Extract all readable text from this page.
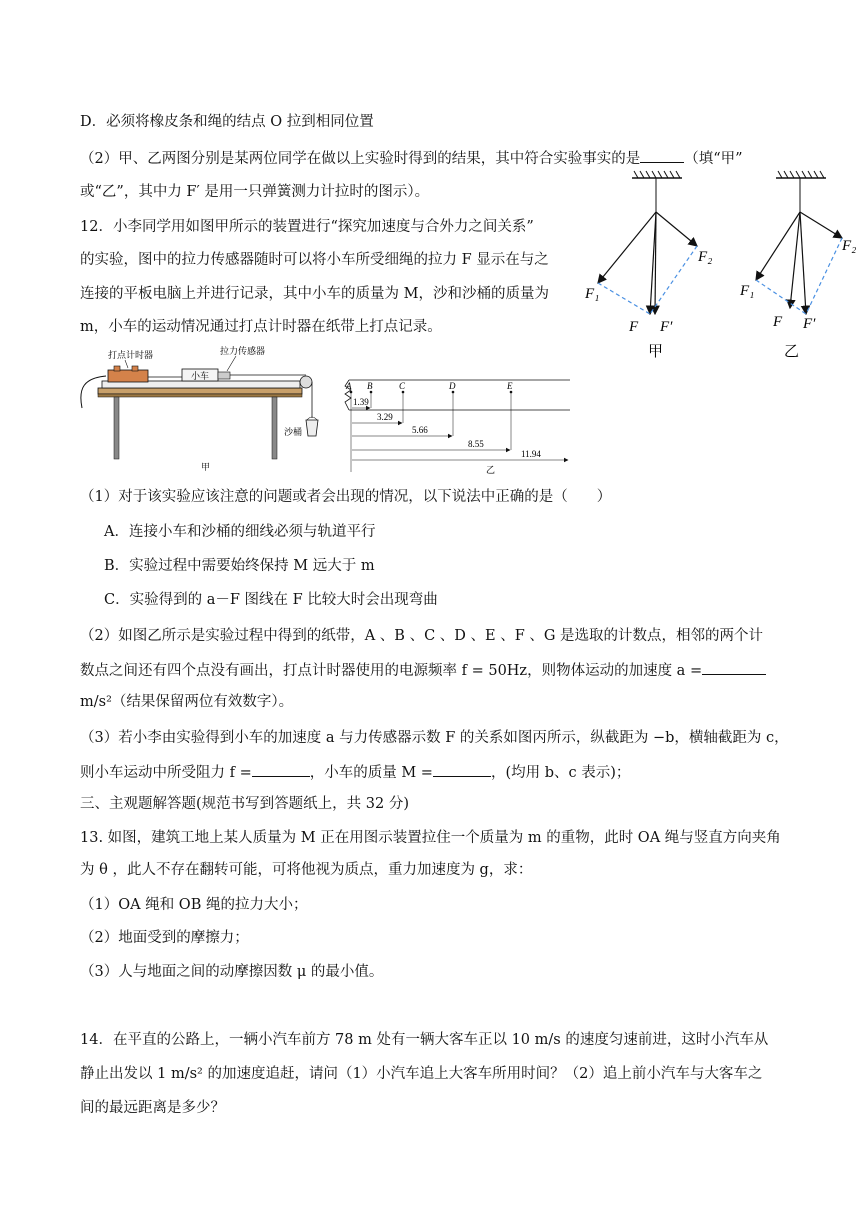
D．必须将橡皮条和绳的结点 O 拉到相同位置
（2）甲、乙两图分别是某两位同学在做以上实验时得到的结果，其中符合实验事实的是	（填“甲”
或“乙”，其中力 F′ 是用一只弹簧测力计拉时的图示）。
12．小李同学用如图甲所示的装置进行“探究加速度与合外力之间关系”
的实验，图中的拉力传感器随时可以将小车所受细绳的拉力 F 显示在与之
连接的平板电脑上并进行记录，其中小车的质量为 M，沙和沙桶的质量为
m，小车的运动情况通过打点计时器在纸带上打点记录。
（1）对于该实验应该注意的问题或者会出现的情况，以下说法中正确的是（　　）
A．连接小车和沙桶的细线必须与轨道平行
B．实验过程中需要始终保持 M 远大于 m
C．实验得到的 a－F 图线在 F 比较大时会出现弯曲
（2）如图乙所示是实验过程中得到的纸带，A 、B 、C 、D 、E 、F 、G 是选取的计数点，相邻的两个计
数点之间还有四个点没有画出，打点计时器使用的电源频率 f = 50Hz，则物体运动的加速度 a =
m/s²（结果保留两位有效数字）。
（3）若小李由实验得到小车的加速度 a 与力传感器示数 F 的关系如图丙所示，纵截距为 −b，横轴截距为 c，
则小车运动中所受阻力 f =	，小车的质量 M =	，(均用 b、c 表示)；
三、主观题解答题(规范书写到答题纸上，共 32 分)
13. 如图，建筑工地上某人质量为 M 正在用图示装置拉住一个质量为 m 的重物，此时 OA 绳与竖直方向夹角
为 θ ，此人不存在翻转可能，可将他视为质点，重力加速度为 g，求：
（1）OA 绳和 OB 绳的拉力大小；
（2）地面受到的摩擦力；
（3）人与地面之间的动摩擦因数 μ 的最小值。
14．在平直的公路上，一辆小汽车前方 78 m 处有一辆大客车正以 10 m/s 的速度匀速前进，这时小汽车从
静止出发以 1 m/s² 的加速度追赶，请问（1）小汽车追上大客车所用时间？（2）追上前小汽车与大客车之
间的最远距离是多少？
F₁
F₂
F F′
甲
F₁
F₂
F F′
乙
打点计时器
小车
拉力传感器
沙桶
甲
A B	C	D	E
1.39
3.29
5.66
8.55
11.94
乙
